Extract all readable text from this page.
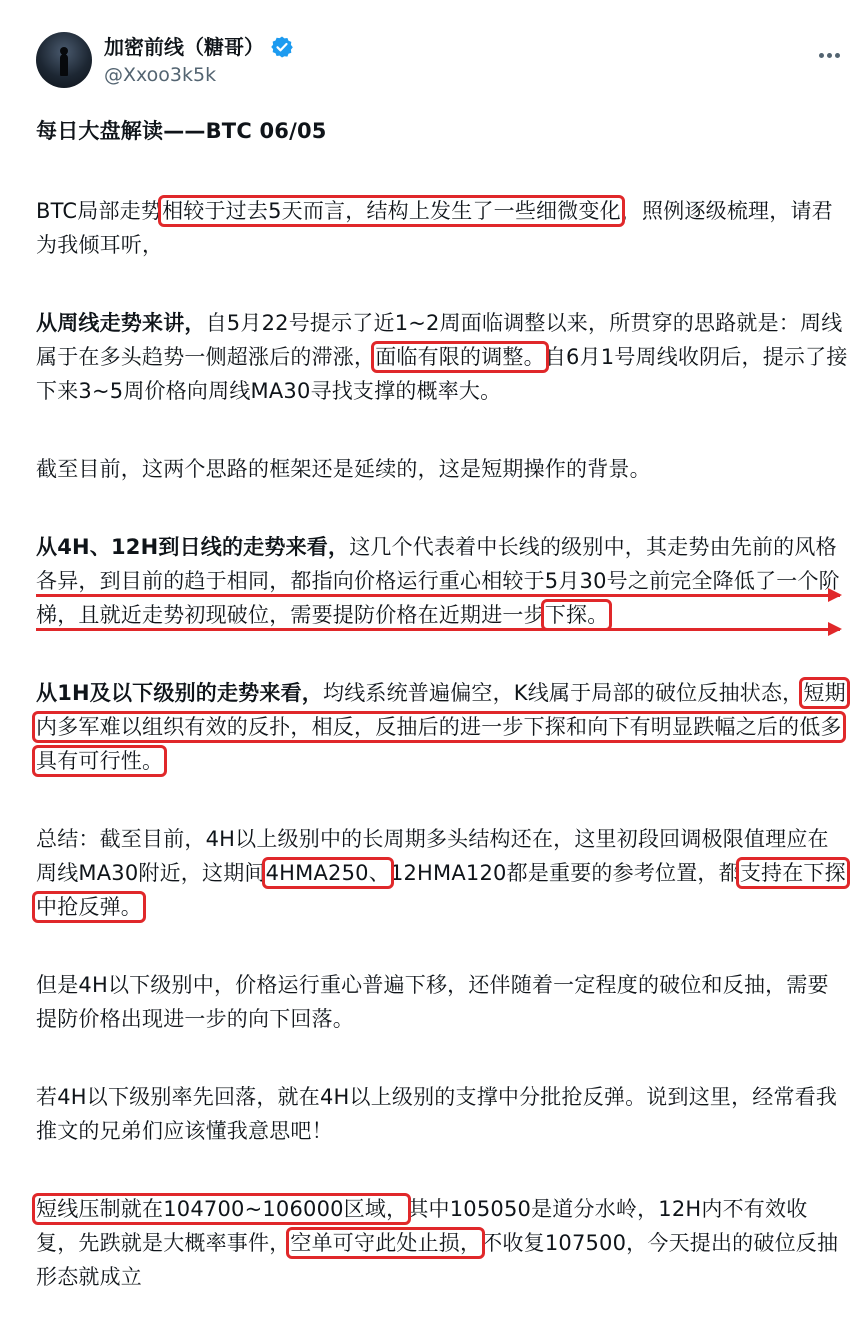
加密前线（糖哥）
@Xxoo3k5k

每日大盘解读——BTC 06/05

BTC局部走势相较于过去5天而言，结构上发生了一些细微变化，照例逐级梳理，请君为我倾耳听，

从周线走势来讲，自5月22号提示了近1~2周面临调整以来，所贯穿的思路就是：周线属于在多头趋势一侧超涨后的滞涨，面临有限的调整。自6月1号周线收阴后，提示了接下来3~5周价格向周线MA30寻找支撑的概率大。

截至目前，这两个思路的框架还是延续的，这是短期操作的背景。

从4H、12H到日线的走势来看，这几个代表着中长线的级别中，其走势由先前的风格各异，到目前的趋于相同，都指向价格运行重心相较于5月30号之前完全降低了一个阶梯，且就近走势初现破位，需要提防价格在近期进一步下探。

从1H及以下级别的走势来看，均线系统普遍偏空，K线属于局部的破位反抽状态，短期内多军难以组织有效的反扑，相反，反抽后的进一步下探和向下有明显跌幅之后的低多具有可行性。

总结：截至目前，4H以上级别中的长周期多头结构还在，这里初段回调极限值理应在周线MA30附近，这期间4HMA250、12HMA120都是重要的参考位置，都支持在下探中抢反弹。

但是4H以下级别中，价格运行重心普遍下移，还伴随着一定程度的破位和反抽，需要提防价格出现进一步的向下回落。

若4H以下级别率先回落，就在4H以上级别的支撑中分批抢反弹。说到这里，经常看我推文的兄弟们应该懂我意思吧！

短线压制就在104700~106000区域，其中105050是道分水岭，12H内不有效收复，先跌就是大概率事件，空单可守此处止损，不收复107500，今天提出的破位反抽形态就成立
